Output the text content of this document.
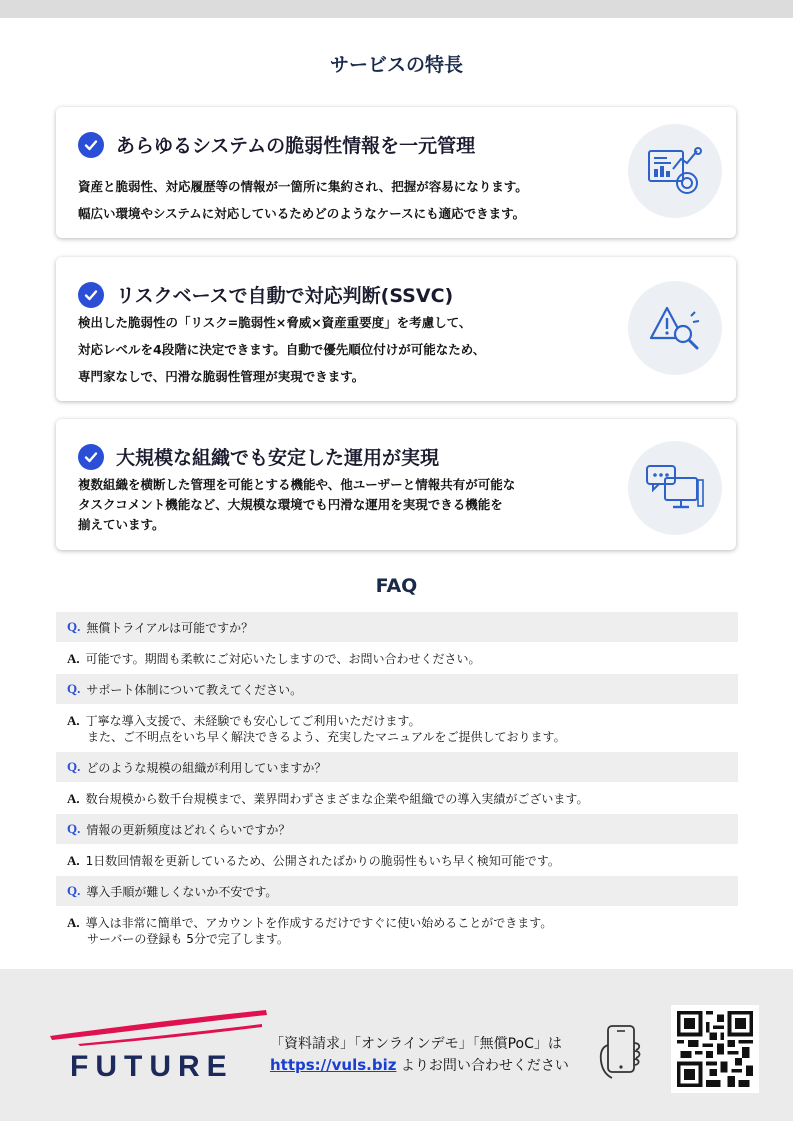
サービスの特長
あらゆるシステムの脆弱性情報を一元管理
資産と脆弱性、対応履歴等の情報が一箇所に集約され、把握が容易になります。
幅広い環境やシステムに対応しているためどのようなケースにも適応できます。
リスクベースで自動で対応判断(SSVC)
検出した脆弱性の「リスク=脆弱性×脅威×資産重要度」を考慮して、
対応レベルを4段階に決定できます。自動で優先順位付けが可能なため、
専門家なしで、円滑な脆弱性管理が実現できます。
大規模な組織でも安定した運用が実現
複数組織を横断した管理を可能とする機能や、他ユーザーと情報共有が可能な
タスクコメント機能など、大規模な環境でも円滑な運用を実現できる機能を
揃えています。
FAQ
Q. 無償トライアルは可能ですか？
A. 可能です。期間も柔軟にご対応いたしますので、お問い合わせください。
Q. サポート体制について教えてください。
A. 丁寧な導入支援で、未経験でも安心してご利用いただけます。
また、ご不明点をいち早く解決できるよう、充実したマニュアルをご提供しております。
Q. どのような規模の組織が利用していますか？
A. 数台規模から数千台規模まで、業界問わずさまざまな企業や組織での導入実績がございます。
Q. 情報の更新頻度はどれくらいですか？
A. 1日数回情報を更新しているため、公開されたばかりの脆弱性もいち早く検知可能です。
Q. 導入手順が難しくないか不安です。
A. 導入は非常に簡単で、アカウントを作成するだけですぐに使い始めることができます。
サーバーの登録も 5分で完了します。
FUTURE
「資料請求」「オンラインデモ」「無償PoC」は
https://vuls.biz よりお問い合わせください
